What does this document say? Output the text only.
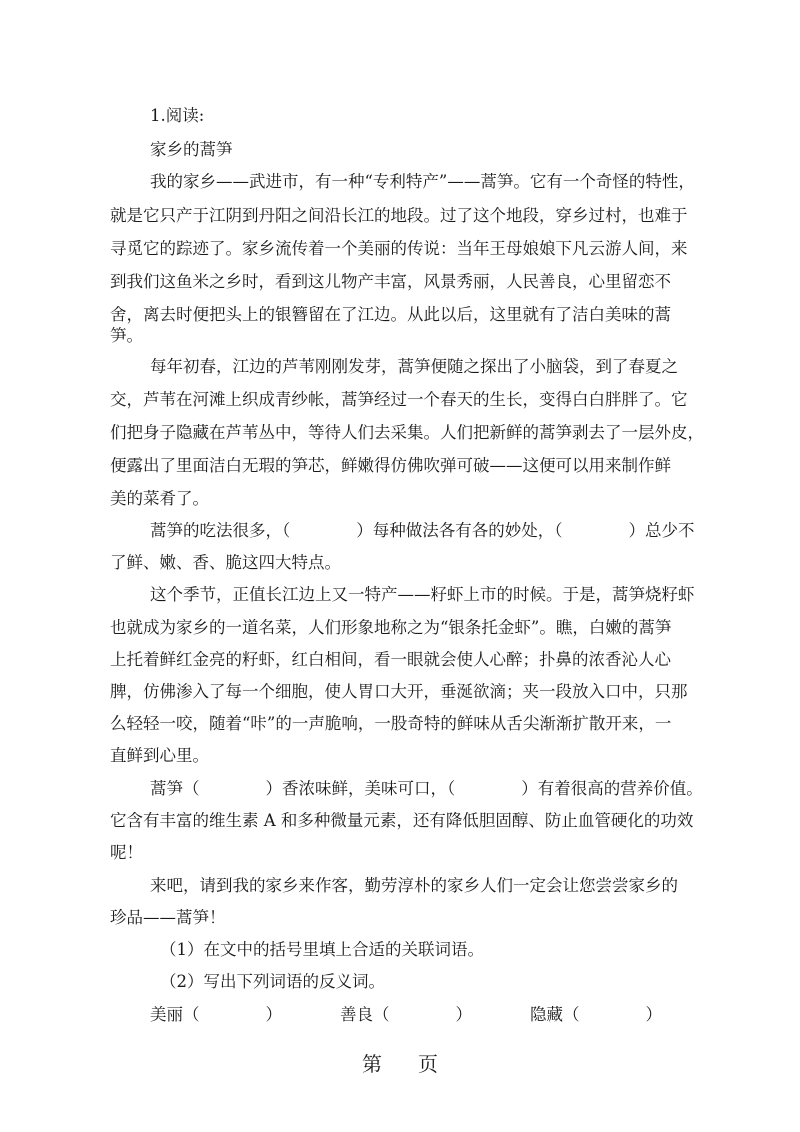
1.阅读:
家乡的蒿笋
我的家乡——武进市，有一种“专利特产”——蒿笋。它有一个奇怪的特性，
就是它只产于江阴到丹阳之间沿长江的地段。过了这个地段，穿乡过村，也难于
寻觅它的踪迹了。家乡流传着一个美丽的传说：当年王母娘娘下凡云游人间，来
到我们这鱼米之乡时，看到这儿物产丰富，风景秀丽，人民善良，心里留恋不
舍，离去时便把头上的银簪留在了江边。从此以后，这里就有了洁白美味的蒿
笋。
每年初春，江边的芦苇刚刚发芽，蒿笋便随之探出了小脑袋，到了春夏之
交，芦苇在河滩上织成青纱帐，蒿笋经过一个春天的生长，变得白白胖胖了。它
们把身子隐藏在芦苇丛中，等待人们去采集。人们把新鲜的蒿笋剥去了一层外皮，
便露出了里面洁白无瑕的笋芯，鲜嫩得仿佛吹弹可破——这便可以用来制作鲜
美的菜肴了。
蒿笋的吃法很多，（　　　　）每种做法各有各的妙处，（　　　　）总少不
了鲜、嫩、香、脆这四大特点。
这个季节，正值长江边上又一特产——籽虾上市的时候。于是，蒿笋烧籽虾
也就成为家乡的一道名菜，人们形象地称之为“银条托金虾”。瞧，白嫩的蒿笋
上托着鲜红金亮的籽虾，红白相间，看一眼就会使人心醉；扑鼻的浓香沁人心
脾，仿佛渗入了每一个细胞，使人胃口大开，垂涎欲滴；夹一段放入口中，只那
么轻轻一咬，随着“咔”的一声脆响，一股奇特的鲜味从舌尖渐渐扩散开来，一
直鲜到心里。
蒿笋（　　　　）香浓味鲜，美味可口，（　　　　）有着很高的营养价值。
它含有丰富的维生素 A 和多种微量元素，还有降低胆固醇、防止血管硬化的功效
呢！
来吧，请到我的家乡来作客，勤劳淳朴的家乡人们一定会让您尝尝家乡的
珍品——蒿笋！
（1）在文中的括号里填上合适的关联词语。
美丽（　　　　）	善良（　　　　）	隐藏（　　　　）
第 页
（2）写出下列词语的反义词。
